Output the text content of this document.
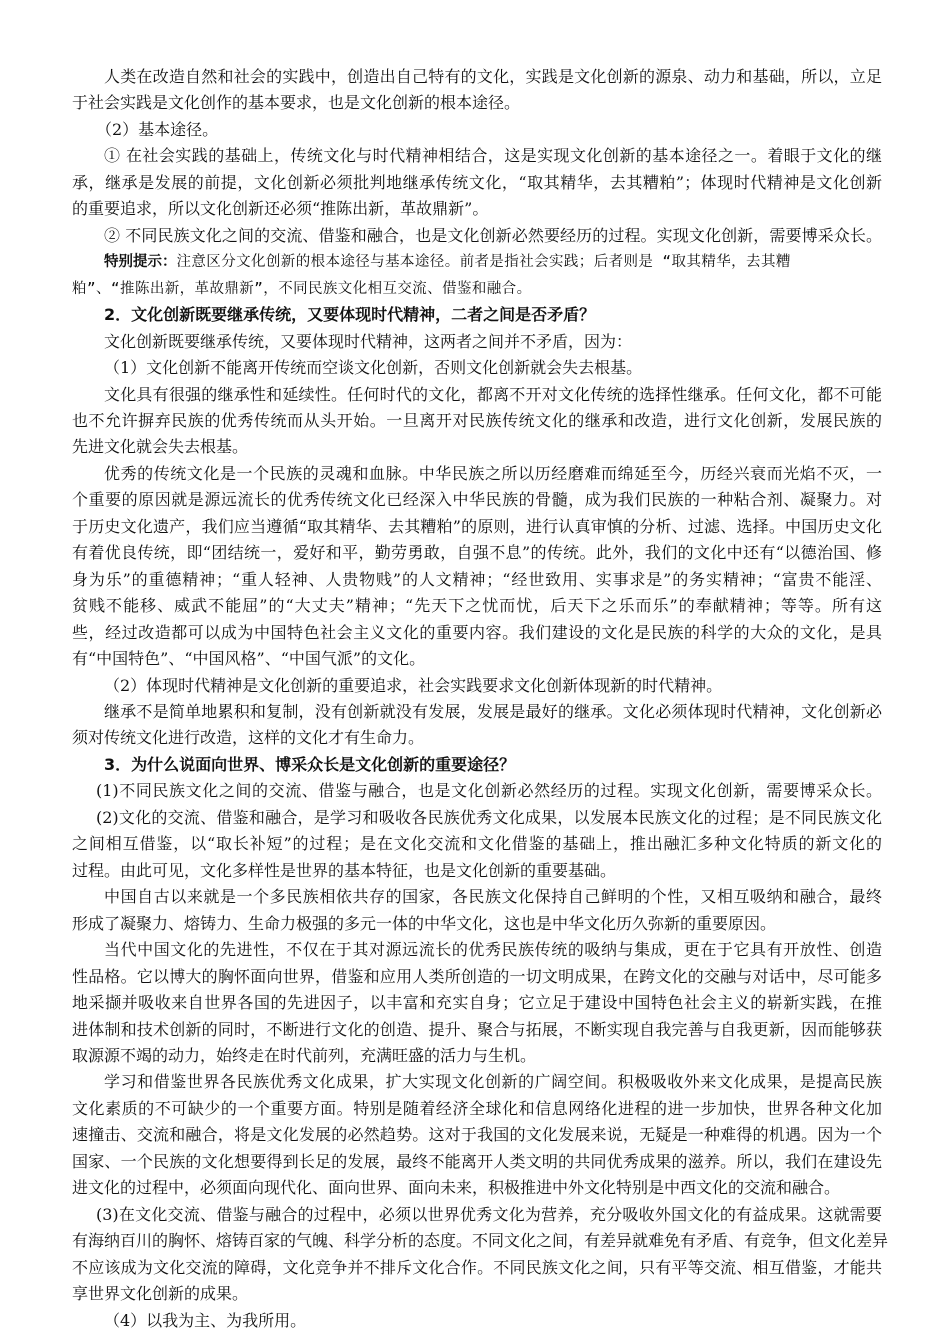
人类在改造自然和社会的实践中，创造出自己特有的文化，实践是文化创新的源泉、动力和基础，所以，立足
于社会实践是文化创作的基本要求，也是文化创新的根本途径。
（2）基本途径。
① 在社会实践的基础上，传统文化与时代精神相结合，这是实现文化创新的基本途径之一。着眼于文化的继
承，继承是发展的前提，文化创新必须批判地继承传统文化，“取其精华，去其糟粕”；体现时代精神是文化创新
的重要追求，所以文化创新还必须“推陈出新，革故鼎新”。
② 不同民族文化之间的交流、借鉴和融合，也是文化创新必然要经历的过程。实现文化创新，需要博采众长。
特别提示：注意区分文化创新的根本途径与基本途径。前者是指社会实践；后者则是 “取其精华，去其糟
粕”、“推陈出新，革故鼎新”，不同民族文化相互交流、借鉴和融合。
2．文化创新既要继承传统，又要体现时代精神，二者之间是否矛盾？
文化创新既要继承传统，又要体现时代精神，这两者之间并不矛盾，因为：
（1）文化创新不能离开传统而空谈文化创新，否则文化创新就会失去根基。
文化具有很强的继承性和延续性。任何时代的文化，都离不开对文化传统的选择性继承。任何文化，都不可能
也不允许摒弃民族的优秀传统而从头开始。一旦离开对民族传统文化的继承和改造，进行文化创新，发展民族的
先进文化就会失去根基。
优秀的传统文化是一个民族的灵魂和血脉。中华民族之所以历经磨难而绵延至今，历经兴衰而光焰不灭，一
个重要的原因就是源远流长的优秀传统文化已经深入中华民族的骨髓，成为我们民族的一种粘合剂、凝聚力。对
于历史文化遗产，我们应当遵循“取其精华、去其糟粕”的原则，进行认真审慎的分析、过滤、选择。中国历史文化
有着优良传统，即“团结统一，爱好和平，勤劳勇敢，自强不息”的传统。此外，我们的文化中还有“以德治国、修
身为乐”的重德精神；“重人轻神、人贵物贱”的人文精神；“经世致用、实事求是”的务实精神；“富贵不能淫、
贫贱不能移、威武不能屈”的“大丈夫”精神；“先天下之忧而忧，后天下之乐而乐”的奉献精神；等等。所有这
些，经过改造都可以成为中国特色社会主义文化的重要内容。我们建设的文化是民族的科学的大众的文化，是具
有“中国特色”、“中国风格”、“中国气派”的文化。
（2）体现时代精神是文化创新的重要追求，社会实践要求文化创新体现新的时代精神。
继承不是简单地累积和复制，没有创新就没有发展，发展是最好的继承。文化必须体现时代精神，文化创新必
须对传统文化进行改造，这样的文化才有生命力。
3．为什么说面向世界、博采众长是文化创新的重要途径？
(1)不同民族文化之间的交流、借鉴与融合，也是文化创新必然经历的过程。实现文化创新，需要博采众长。
(2)文化的交流、借鉴和融合，是学习和吸收各民族优秀文化成果，以发展本民族文化的过程；是不同民族文化
之间相互借鉴，以“取长补短”的过程；是在文化交流和文化借鉴的基础上，推出融汇多种文化特质的新文化的
过程。由此可见，文化多样性是世界的基本特征，也是文化创新的重要基础。
中国自古以来就是一个多民族相依共存的国家，各民族文化保持自己鲜明的个性，又相互吸纳和融合，最终
形成了凝聚力、熔铸力、生命力极强的多元一体的中华文化，这也是中华文化历久弥新的重要原因。
当代中国文化的先进性，不仅在于其对源远流长的优秀民族传统的吸纳与集成，更在于它具有开放性、创造
性品格。它以博大的胸怀面向世界，借鉴和应用人类所创造的一切文明成果，在跨文化的交融与对话中，尽可能多
地采撷并吸收来自世界各国的先进因子，以丰富和充实自身；它立足于建设中国特色社会主义的崭新实践，在推
进体制和技术创新的同时，不断进行文化的创造、提升、聚合与拓展，不断实现自我完善与自我更新，因而能够获
取源源不竭的动力，始终走在时代前列，充满旺盛的活力与生机。
学习和借鉴世界各民族优秀文化成果，扩大实现文化创新的广阔空间。积极吸收外来文化成果，是提高民族
文化素质的不可缺少的一个重要方面。特别是随着经济全球化和信息网络化进程的进一步加快，世界各种文化加
速撞击、交流和融合，将是文化发展的必然趋势。这对于我国的文化发展来说，无疑是一种难得的机遇。因为一个
国家、一个民族的文化想要得到长足的发展，最终不能离开人类文明的共同优秀成果的滋养。所以，我们在建设先
进文化的过程中，必须面向现代化、面向世界、面向未来，积极推进中外文化特别是中西文化的交流和融合。
(3)在文化交流、借鉴与融合的过程中，必须以世界优秀文化为营养，充分吸收外国文化的有益成果。这就需要
有海纳百川的胸怀、熔铸百家的气魄、科学分析的态度。不同文化之间，有差异就难免有矛盾、有竞争，但文化差异
不应该成为文化交流的障碍，文化竞争并不排斥文化合作。不同民族文化之间，只有平等交流、相互借鉴，才能共
享世界文化创新的成果。
（4）以我为主、为我所用。
